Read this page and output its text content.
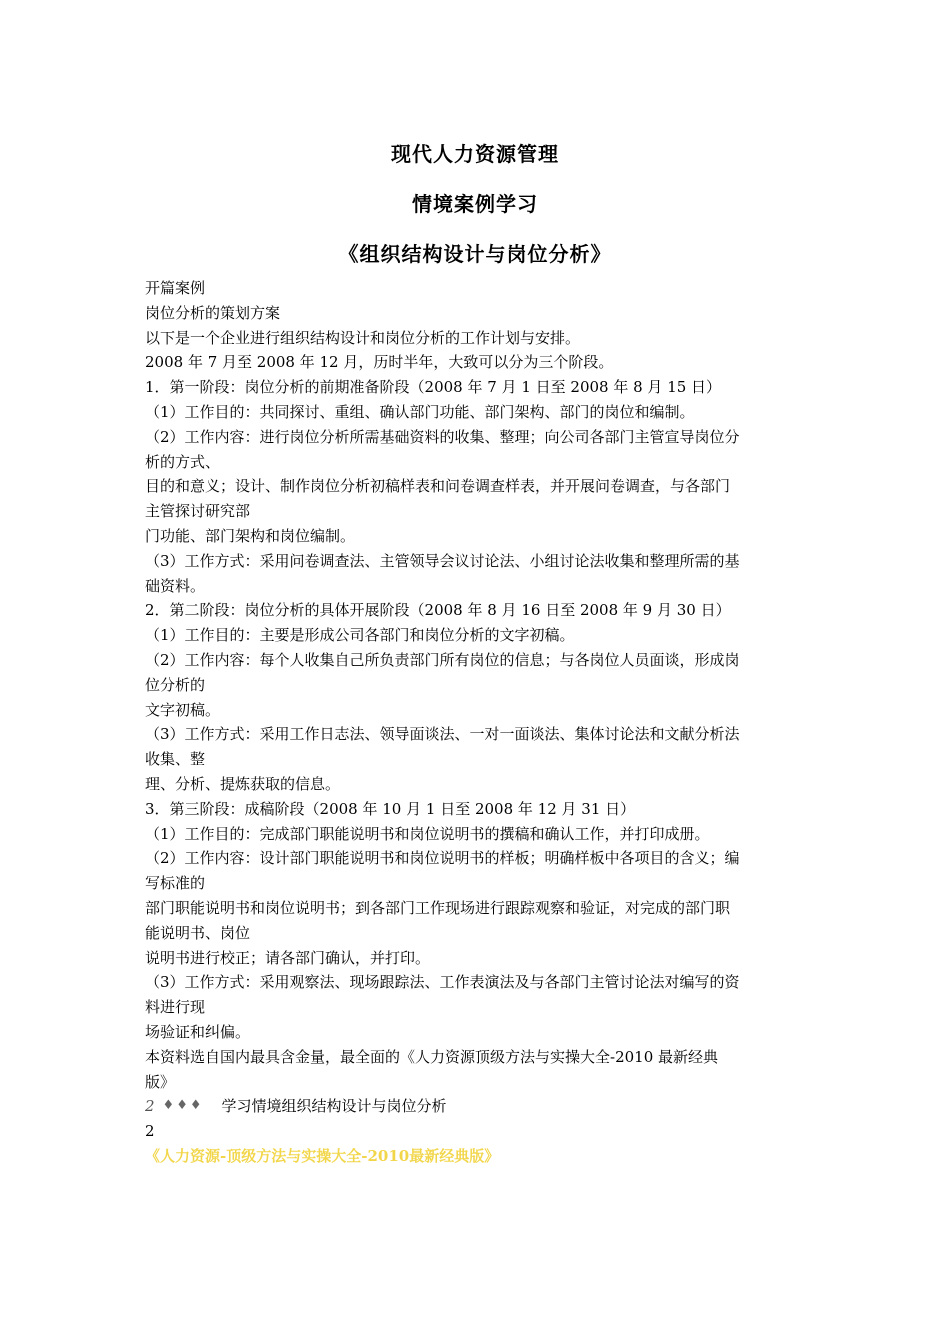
现代人力资源管理
情境案例学习
《组织结构设计与岗位分析》
开篇案例
岗位分析的策划方案
以下是一个企业进行组织结构设计和岗位分析的工作计划与安排。
2008 年 7 月至 2008 年 12 月，历时半年，大致可以分为三个阶段。
1．第一阶段：岗位分析的前期准备阶段（2008 年 7 月 1 日至 2008 年 8 月 15 日）
（1）工作目的：共同探讨、重组、确认部门功能、部门架构、部门的岗位和编制。
（2）工作内容：进行岗位分析所需基础资料的收集、整理；向公司各部门主管宣导岗位分
析的方式、
目的和意义；设计、制作岗位分析初稿样表和问卷调查样表，并开展问卷调查，与各部门
主管探讨研究部
门功能、部门架构和岗位编制。
（3）工作方式：采用问卷调查法、主管领导会议讨论法、小组讨论法收集和整理所需的基
础资料。
2．第二阶段：岗位分析的具体开展阶段（2008 年 8 月 16 日至 2008 年 9 月 30 日）
（1）工作目的：主要是形成公司各部门和岗位分析的文字初稿。
（2）工作内容：每个人收集自己所负责部门所有岗位的信息；与各岗位人员面谈，形成岗
位分析的
文字初稿。
（3）工作方式：采用工作日志法、领导面谈法、一对一面谈法、集体讨论法和文献分析法
收集、整
理、分析、提炼获取的信息。
3．第三阶段：成稿阶段（2008 年 10 月 1 日至 2008 年 12 月 31 日）
（1）工作目的：完成部门职能说明书和岗位说明书的撰稿和确认工作，并打印成册。
（2）工作内容：设计部门职能说明书和岗位说明书的样板；明确样板中各项目的含义；编
写标准的
部门职能说明书和岗位说明书；到各部门工作现场进行跟踪观察和验证，对完成的部门职
能说明书、岗位
说明书进行校正；请各部门确认，并打印。
（3）工作方式：采用观察法、现场跟踪法、工作表演法及与各部门主管讨论法对编写的资
料进行现
场验证和纠偏。
本资料选自国内最具含金量，最全面的《人力资源顶级方法与实操大全-2010 最新经典
版》
2 ♦♦♦ 学习情境组织结构设计与岗位分析
2
《人力资源-顶级方法与实操大全-2010最新经典版》
